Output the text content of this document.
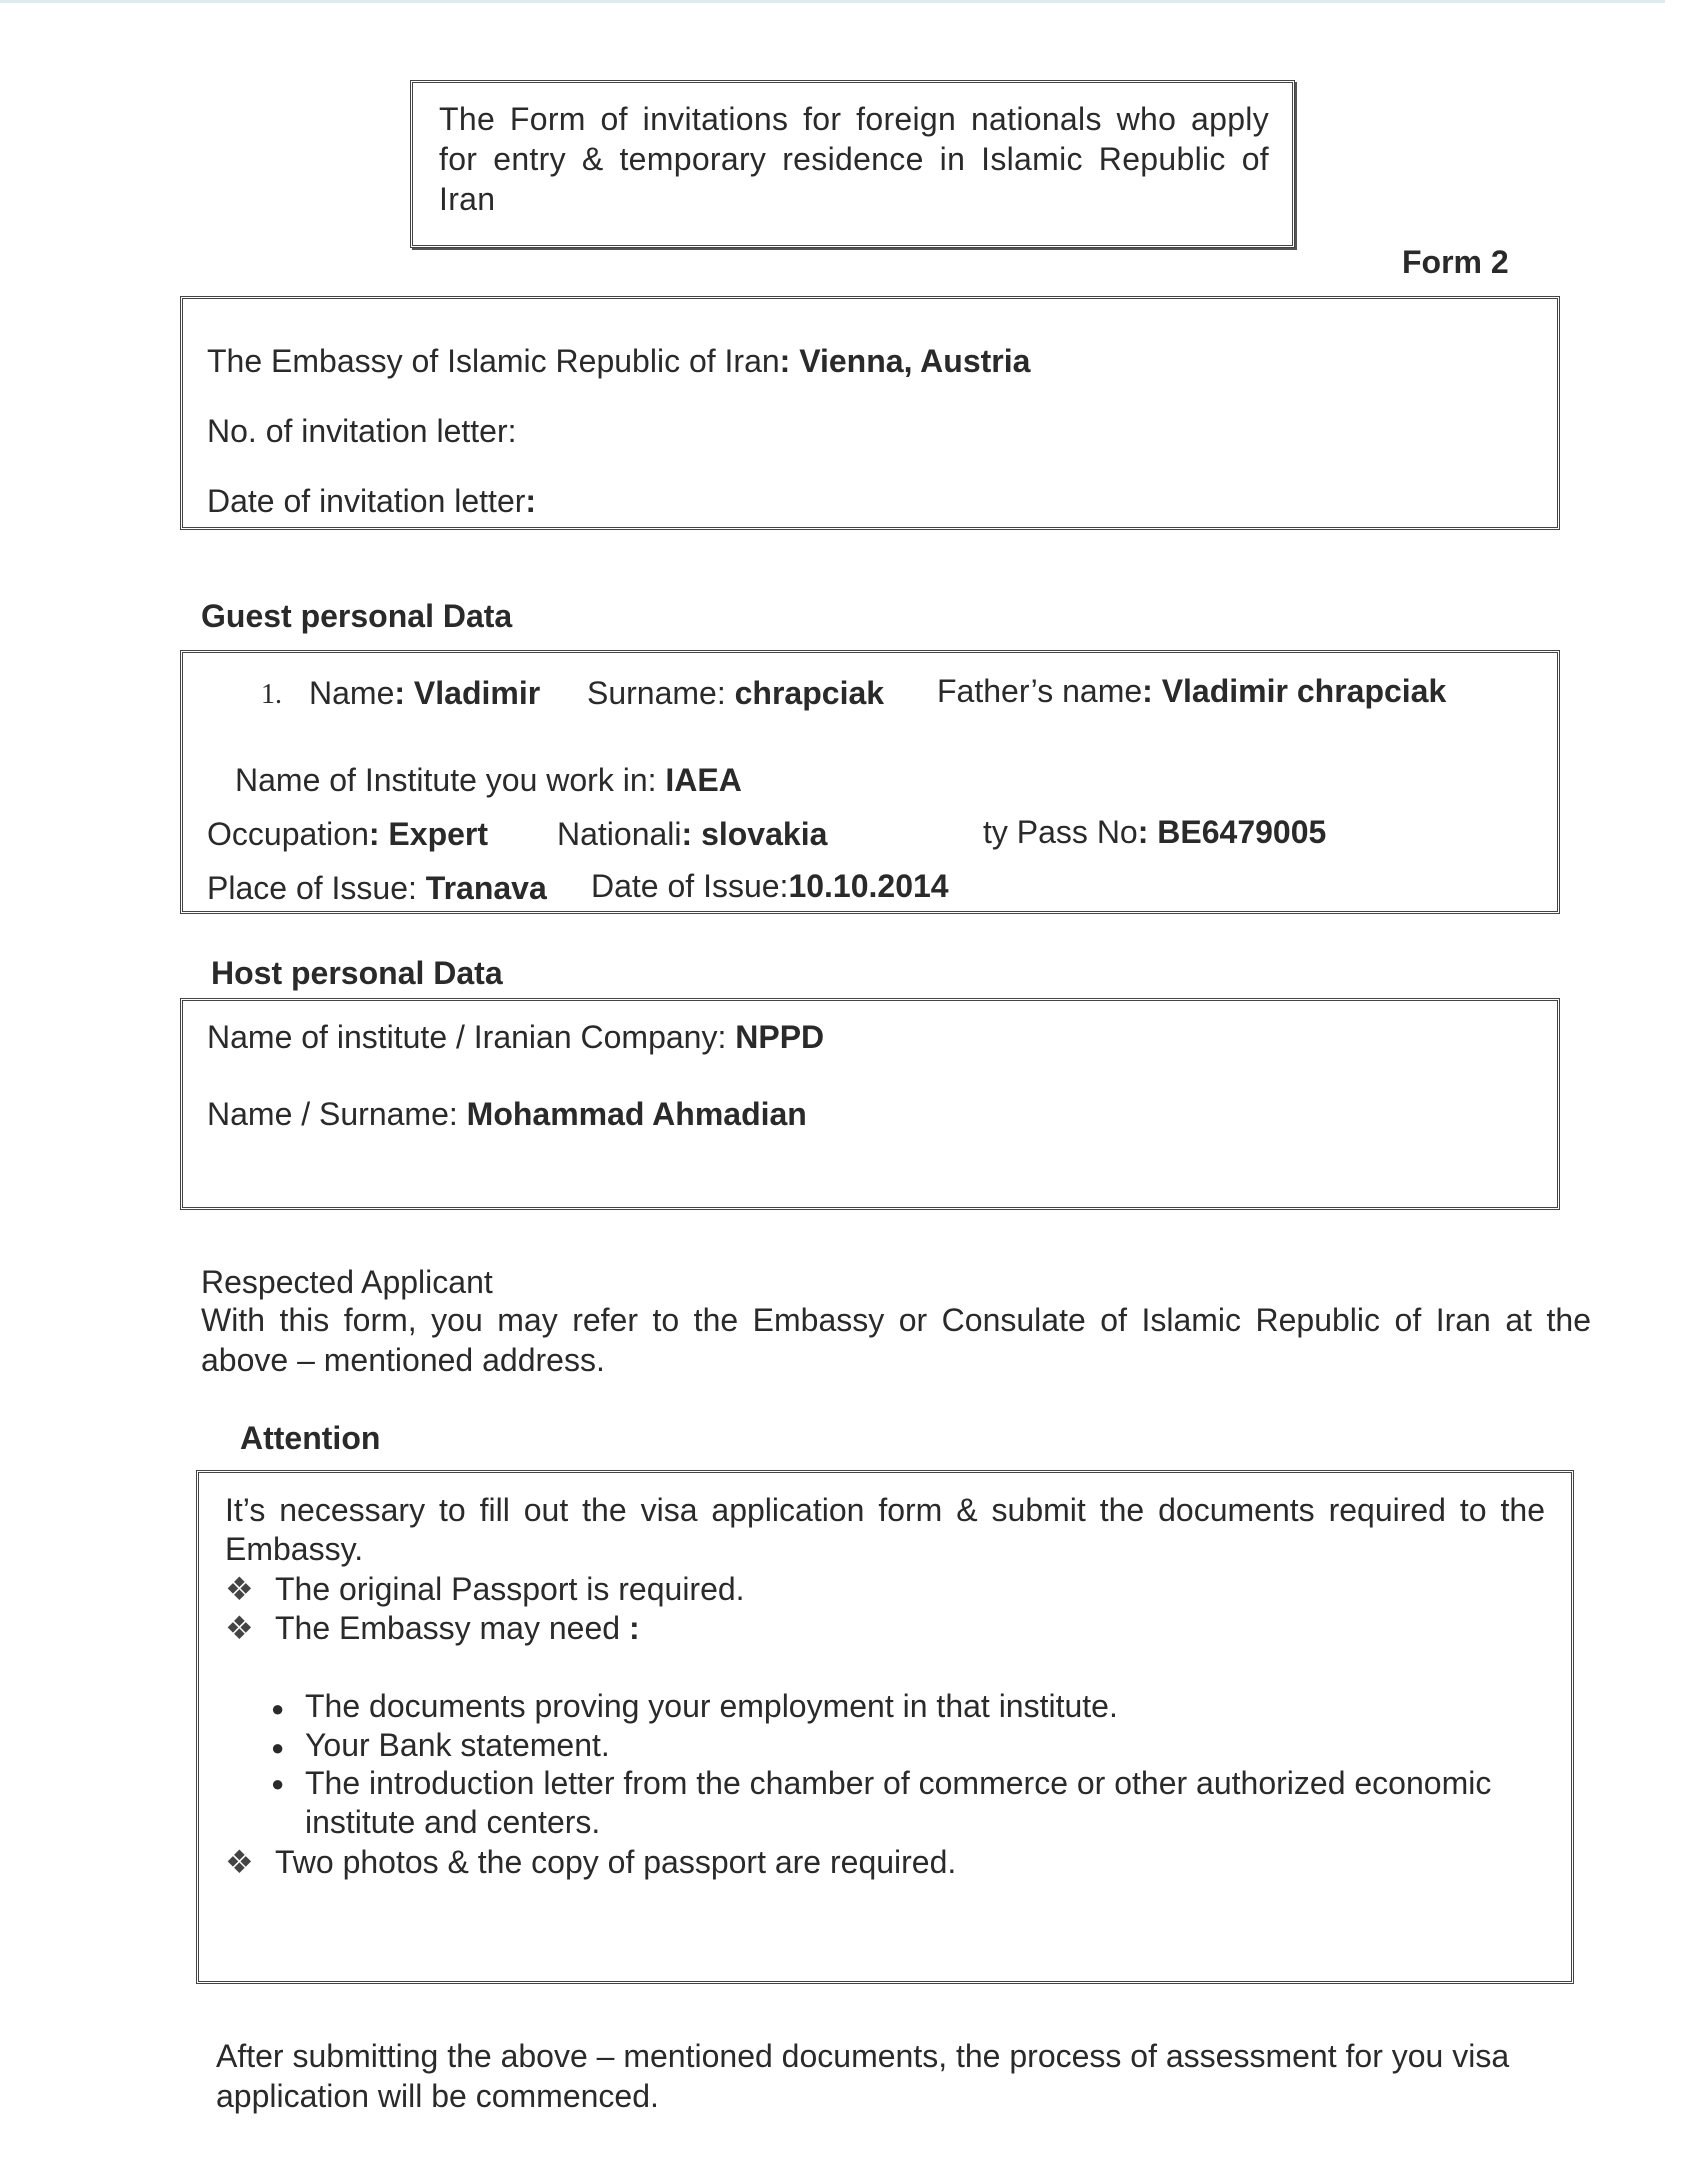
The Form of invitations for foreign nationals who apply for entry & temporary residence in Islamic Republic of Iran
Form 2
The Embassy of Islamic Republic of Iran: Vienna, Austria
No. of invitation letter:
Date of invitation letter:
Guest personal Data
1. Name: Vladimir Surname: chrapciak Father’s name: Vladimir chrapciak
Name of Institute you work in: IAEA
Occupation: Expert Nationali: slovakia	ty Pass No: BE6479005
Place of Issue: Tranava Date of Issue:10.10.2014
Host personal Data
Name of institute / Iranian Company: NPPD
Name / Surname: Mohammad Ahmadian
Respected Applicant
With this form, you may refer to the Embassy or Consulate of Islamic Republic of Iran at the above – mentioned address.
Attention
It’s necessary to fill out the visa application form & submit the documents required to the Embassy.
❖ The original Passport is required.
❖ The Embassy may need :
● The documents proving your employment in that institute.
● Your Bank statement.
● The introduction letter from the chamber of commerce or other authorized economic institute and centers.
❖ Two photos & the copy of passport are required.
After submitting the above – mentioned documents, the process of assessment for you visa application will be commenced.
